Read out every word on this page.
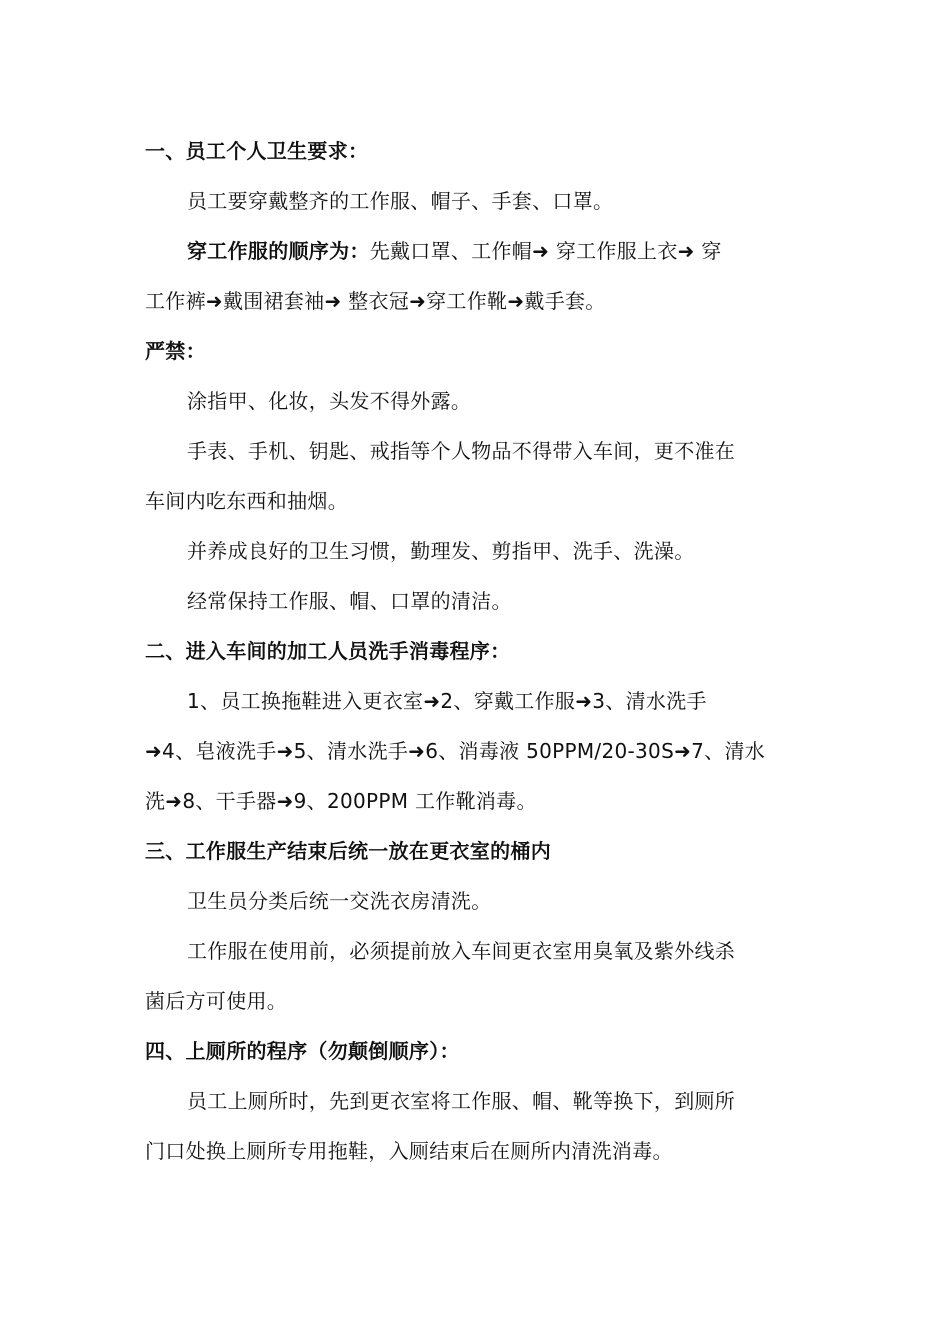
一、员工个人卫生要求：
员工要穿戴整齐的工作服、帽子、手套、口罩。
穿工作服的顺序为：先戴口罩、工作帽➜ 穿工作服上衣➜ 穿
工作裤➜戴围裙套袖➜ 整衣冠➜穿工作靴➜戴手套。
严禁：
涂指甲、化妆，头发不得外露。
手表、手机、钥匙、戒指等个人物品不得带入车间，更不准在
车间内吃东西和抽烟。
并养成良好的卫生习惯，勤理发、剪指甲、洗手、洗澡。
经常保持工作服、帽、口罩的清洁。
二、进入车间的加工人员洗手消毒程序：
1、员工换拖鞋进入更衣室➜2、穿戴工作服➜3、清水洗手
➜4、皂液洗手➜5、清水洗手➜6、消毒液 50PPM/20-30S➜7、清水
洗➜8、干手器➜9、200PPM 工作靴消毒。
三、工作服生产结束后统一放在更衣室的桶内
卫生员分类后统一交洗衣房清洗。
工作服在使用前，必须提前放入车间更衣室用臭氧及紫外线杀
菌后方可使用。
四、上厕所的程序（勿颠倒顺序）：
员工上厕所时，先到更衣室将工作服、帽、靴等换下，到厕所
门口处换上厕所专用拖鞋，入厕结束后在厕所内清洗消毒。
